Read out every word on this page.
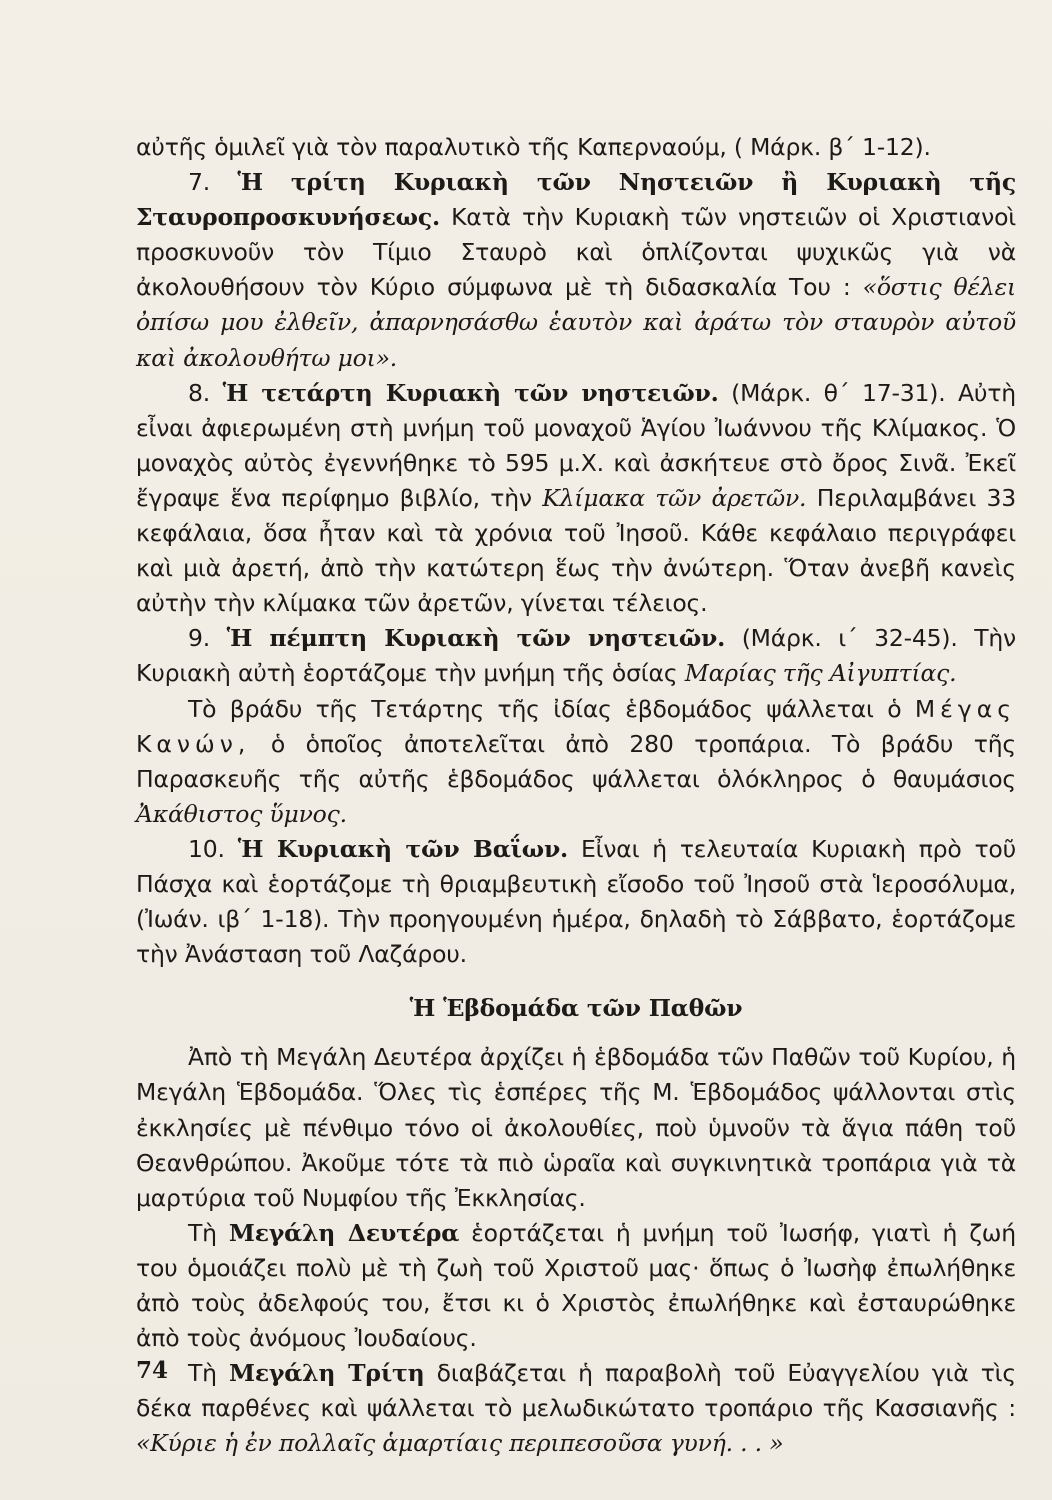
αὐτῆς ὁμιλεῖ γιὰ τὸν παραλυτικὸ τῆς Καπερναούμ, ( Μάρκ. β΄ 1-12).

7. Ἡ τρίτη Κυριακὴ τῶν Νηστειῶν ἢ Κυριακὴ τῆς Σταυροπροσκυνήσεως. Κατὰ τὴν Κυριακὴ τῶν νηστειῶν οἱ Χριστιανοὶ προσκυνοῦν τὸν Τίμιο Σταυρὸ καὶ ὁπλίζονται ψυχικῶς γιὰ νὰ ἀκολουθήσουν τὸν Κύριο σύμφωνα μὲ τὴ διδασκαλία Του : «ὅστις θέλει ὀπίσω μου ἐλθεῖν, ἀπαρνησάσθω ἑαυτὸν καὶ ἀράτω τὸν σταυρὸν αὐτοῦ καὶ ἀκολουθήτω μοι».

8. Ἡ τετάρτη Κυριακὴ τῶν νηστειῶν. (Μάρκ. θ΄ 17-31). Αὐτὴ εἶναι ἀφιερωμένη στὴ μνήμη τοῦ μοναχοῦ Ἁγίου Ἰωάννου τῆς Κλίμακος. Ὁ μοναχὸς αὐτὸς ἐγεννήθηκε τὸ 595 μ.Χ. καὶ ἀσκήτευε στὸ ὄρος Σινᾶ. Ἐκεῖ ἔγραψε ἕνα περίφημο βιβλίο, τὴν Κλίμακα τῶν ἀρετῶν. Περιλαμβάνει 33 κεφάλαια, ὅσα ἦταν καὶ τὰ χρόνια τοῦ Ἰησοῦ. Κάθε κεφάλαιο περιγράφει καὶ μιὰ ἀρετή, ἀπὸ τὴν κατώτερη ἕως τὴν ἀνώτερη. Ὅταν ἀνεβῆ κανεὶς αὐτὴν τὴν κλίμακα τῶν ἀρετῶν, γίνεται τέλειος.

9. Ἡ πέμπτη Κυριακὴ τῶν νηστειῶν. (Μάρκ. ι΄ 32-45). Τὴν Κυριακὴ αὐτὴ ἑορτάζομε τὴν μνήμη τῆς ὁσίας Μαρίας τῆς Αἰγυπτίας.

Τὸ βράδυ τῆς Τετάρτης τῆς ἰδίας ἑβδομάδος ψάλλεται ὁ Μέγας Κανών, ὁ ὁποῖος ἀποτελεῖται ἀπὸ 280 τροπάρια. Τὸ βράδυ τῆς Παρασκευῆς τῆς αὐτῆς ἑβδομάδος ψάλλεται ὁλόκληρος ὁ θαυμάσιος Ἀκάθιστος ὕμνος.

10. Ἡ Κυριακὴ τῶν Βαΐων. Εἶναι ἡ τελευταία Κυριακὴ πρὸ τοῦ Πάσχα καὶ ἑορτάζομε τὴ θριαμβευτικὴ εἴσοδο τοῦ Ἰησοῦ στὰ Ἱεροσόλυμα, (Ἰωάν. ιβ΄ 1-18). Τὴν προηγουμένη ἡμέρα, δηλαδὴ τὸ Σάββατο, ἑορτάζομε τὴν Ἀνάσταση τοῦ Λαζάρου.

Ἡ Ἑβδομάδα τῶν Παθῶν

Ἀπὸ τὴ Μεγάλη Δευτέρα ἀρχίζει ἡ ἑβδομάδα τῶν Παθῶν τοῦ Κυρίου, ἡ Μεγάλη Ἑβδομάδα. Ὅλες τὶς ἑσπέρες τῆς Μ. Ἑβδομάδος ψάλλονται στὶς ἐκκλησίες μὲ πένθιμο τόνο οἱ ἀκολουθίες, ποὺ ὑμνοῦν τὰ ἅγια πάθη τοῦ Θεανθρώπου. Ἀκοῦμε τότε τὰ πιὸ ὡραῖα καὶ συγκινητικὰ τροπάρια γιὰ τὰ μαρτύρια τοῦ Νυμφίου τῆς Ἐκκλησίας.

Τὴ Μεγάλη Δευτέρα ἑορτάζεται ἡ μνήμη τοῦ Ἰωσήφ, γιατὶ ἡ ζωή του ὁμοιάζει πολὺ μὲ τὴ ζωὴ τοῦ Χριστοῦ μας· ὅπως ὁ Ἰωσὴφ ἐπωλήθηκε ἀπὸ τοὺς ἀδελφούς του, ἔτσι κι ὁ Χριστὸς ἐπωλήθηκε καὶ ἐσταυρώθηκε ἀπὸ τοὺς ἀνόμους Ἰουδαίους.

Τὴ Μεγάλη Τρίτη διαβάζεται ἡ παραβολὴ τοῦ Εὐαγγελίου γιὰ τὶς δέκα παρθένες καὶ ψάλλεται τὸ μελωδικώτατο τροπάριο τῆς Κασσιανῆς : «Κύριε ἡ ἐν πολλαῖς ἁμαρτίαις περιπεσοῦσα γυνή. . . »

74
